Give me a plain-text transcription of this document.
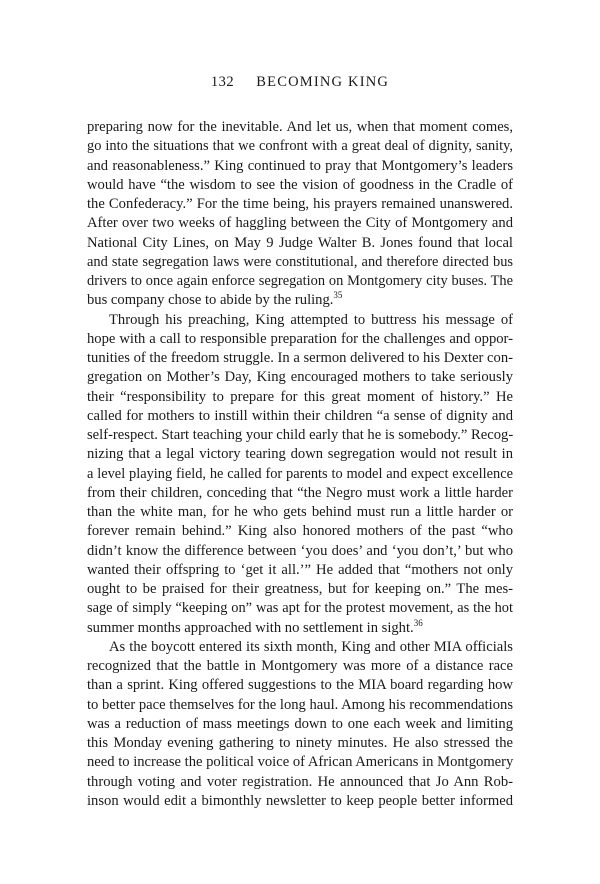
132 BECOMING KING
preparing now for the inevitable. And let us, when that moment comes,
go into the situations that we confront with a great deal of dignity, sanity,
and reasonableness.” King continued to pray that Montgomery’s leaders
would have “the wisdom to see the vision of goodness in the Cradle of
the Confederacy.” For the time being, his prayers remained unanswered.
After over two weeks of haggling between the City of Montgomery and
National City Lines, on May 9 Judge Walter B. Jones found that local
and state segregation laws were constitutional, and therefore directed bus
drivers to once again enforce segregation on Montgomery city buses. The
bus company chose to abide by the ruling.$^{35}$
Through his preaching, King attempted to buttress his message of
hope with a call to responsible preparation for the challenges and oppor-
tunities of the freedom struggle. In a sermon delivered to his Dexter con-
gregation on Mother’s Day, King encouraged mothers to take seriously
their “responsibility to prepare for this great moment of history.” He
called for mothers to instill within their children “a sense of dignity and
self-respect. Start teaching your child early that he is somebody.” Recog-
nizing that a legal victory tearing down segregation would not result in
a level playing field, he called for parents to model and expect excellence
from their children, conceding that “the Negro must work a little harder
than the white man, for he who gets behind must run a little harder or
forever remain behind.” King also honored mothers of the past “who
didn’t know the difference between ‘you does’ and ‘you don’t,’ but who
wanted their offspring to ‘get it all.’” He added that “mothers not only
ought to be praised for their greatness, but for keeping on.” The mes-
sage of simply “keeping on” was apt for the protest movement, as the hot
summer months approached with no settlement in sight.$^{36}$
As the boycott entered its sixth month, King and other MIA officials
recognized that the battle in Montgomery was more of a distance race
than a sprint. King offered suggestions to the MIA board regarding how
to better pace themselves for the long haul. Among his recommendations
was a reduction of mass meetings down to one each week and limiting
this Monday evening gathering to ninety minutes. He also stressed the
need to increase the political voice of African Americans in Montgomery
through voting and voter registration. He announced that Jo Ann Rob-
inson would edit a bimonthly newsletter to keep people better informed
